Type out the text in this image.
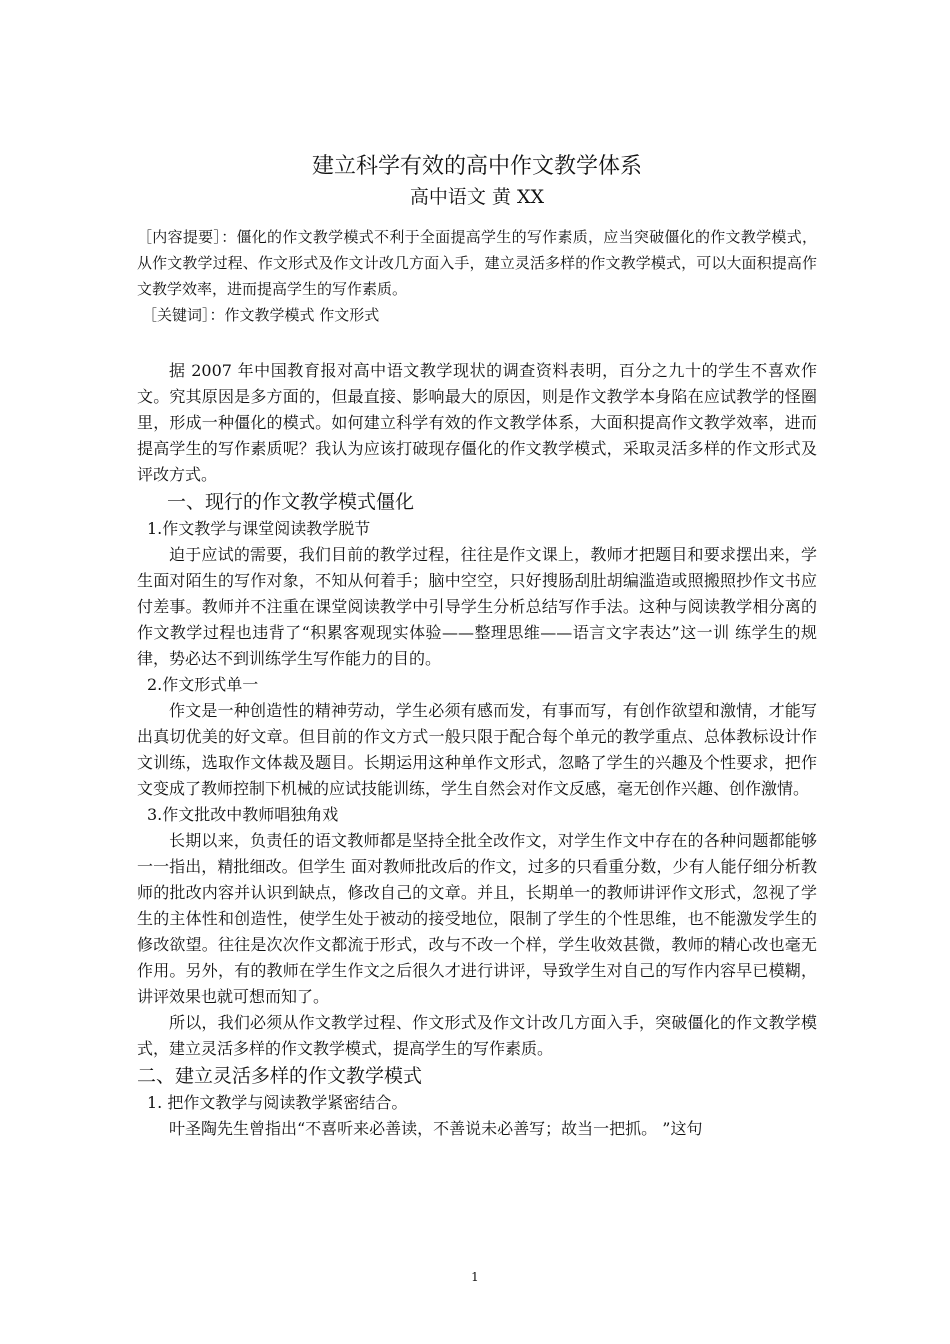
建立科学有效的高中作文教学体系

高中语文 黄 XX

［内容提要］：僵化的作文教学模式不利于全面提高学生的写作素质，应当突破僵化的作文教学模式，从作文教学过程、作文形式及作文计改几方面入手，建立灵活多样的作文教学模式，可以大面积提高作文教学效率，进而提高学生的写作素质。

［关键词］：作文教学模式 作文形式

据 2007 年中国教育报对高中语文教学现状的调查资料表明，百分之九十的学生不喜欢作文。究其原因是多方面的，但最直接、影响最大的原因，则是作文教学本身陷在应试教学的怪圈里，形成一种僵化的模式。如何建立科学有效的作文教学体系，大面积提高作文教学效率，进而提高学生的写作素质呢？我认为应该打破现存僵化的作文教学模式，采取灵活多样的作文形式及评改方式。

一、现行的作文教学模式僵化

1.作文教学与课堂阅读教学脱节

迫于应试的需要，我们目前的教学过程，往往是作文课上，教师才把题目和要求摆出来，学生面对陌生的写作对象，不知从何着手；脑中空空，只好搜肠刮肚胡编滥造或照搬照抄作文书应付差事。教师并不注重在课堂阅读教学中引导学生分析总结写作手法。这种与阅读教学相分离的作文教学过程也违背了“积累客观现实体验——整理思维——语言文字表达”这一训 练学生的规律，势必达不到训练学生写作能力的目的。

2.作文形式单一

作文是一种创造性的精神劳动，学生必须有感而发，有事而写，有创作欲望和激情，才能写出真切优美的好文章。但目前的作文方式一般只限于配合每个单元的教学重点、总体教标设计作文训练，选取作文体裁及题目。长期运用这种单作文形式，忽略了学生的兴趣及个性要求，把作文变成了教师控制下机械的应试技能训练，学生自然会对作文反感，毫无创作兴趣、创作激情。

3.作文批改中教师唱独角戏

长期以来，负责任的语文教师都是坚持全批全改作文，对学生作文中存在的各种问题都能够一一指出，精批细改。但学生 面对教师批改后的作文，过多的只看重分数，少有人能仔细分析教师的批改内容并认识到缺点，修改自己的文章。并且，长期单一的教师讲评作文形式，忽视了学生的主体性和创造性，使学生处于被动的接受地位，限制了学生的个性思维，也不能激发学生的修改欲望。往往是次次作文都流于形式，改与不改一个样，学生收效甚微，教师的精心改也毫无作用。另外，有的教师在学生作文之后很久才进行讲评，导致学生对自己的写作内容早已模糊，讲评效果也就可想而知了。

所以，我们必须从作文教学过程、作文形式及作文计改几方面入手，突破僵化的作文教学模式，建立灵活多样的作文教学模式，提高学生的写作素质。

二、建立灵活多样的作文教学模式

1. 把作文教学与阅读教学紧密结合。

叶圣陶先生曾指出“不喜听来必善读，不善说未必善写；故当一把抓。 ”这句

1
